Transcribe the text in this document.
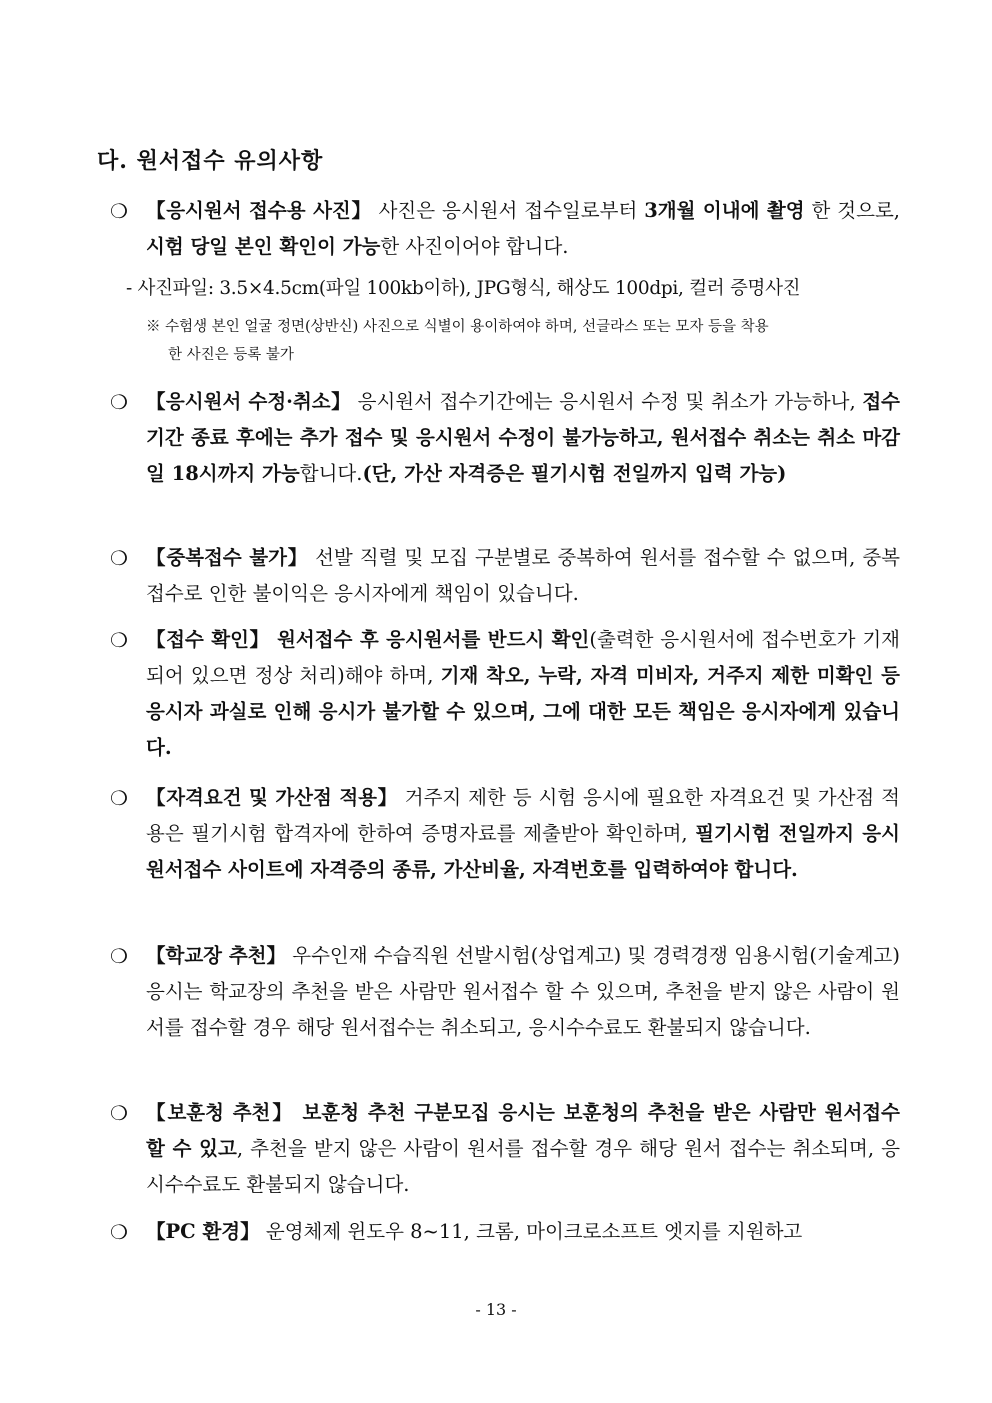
다. 원서접수 유의사항
❍ 【응시원서 접수용 사진】 사진은 응시원서 접수일로부터 3개월 이내에 촬영 한 것으로, 시험 당일 본인 확인이 가능한 사진이어야 합니다.
- 사진파일: 3.5×4.5cm(파일 100kb이하), JPG형식, 해상도 100dpi, 컬러 증명사진
※ 수험생 본인 얼굴 정면(상반신) 사진으로 식별이 용이하여야 하며, 선글라스 또는 모자 등을 착용
한 사진은 등록 불가
❍ 【응시원서 수정·취소】 응시원서 접수기간에는 응시원서 수정 및 취소가 가능하나, 접수기간 종료 후에는 추가 접수 및 응시원서 수정이 불가능하고, 원서접수 취소는 취소 마감일 18시까지 가능합니다.(단, 가산 자격증은 필기시험 전일까지 입력 가능)
❍ 【중복접수 불가】 선발 직렬 및 모집 구분별로 중복하여 원서를 접수할 수 없으며, 중복접수로 인한 불이익은 응시자에게 책임이 있습니다.
❍ 【접수 확인】 원서접수 후 응시원서를 반드시 확인(출력한 응시원서에 접수번호가 기재되어 있으면 정상 처리)해야 하며, 기재 착오, 누락, 자격 미비자, 거주지 제한 미확인 등 응시자 과실로 인해 응시가 불가할 수 있으며, 그에 대한 모든 책임은 응시자에게 있습니다.
❍ 【자격요건 및 가산점 적용】 거주지 제한 등 시험 응시에 필요한 자격요건 및 가산점 적용은 필기시험 합격자에 한하여 증명자료를 제출받아 확인하며, 필기시험 전일까지 응시원서접수 사이트에 자격증의 종류, 가산비율, 자격번호를 입력하여야 합니다.
❍ 【학교장 추천】 우수인재 수습직원 선발시험(상업계고) 및 경력경쟁 임용시험(기술계고) 응시는 학교장의 추천을 받은 사람만 원서접수 할 수 있으며, 추천을 받지 않은 사람이 원서를 접수할 경우 해당 원서접수는 취소되고, 응시수수료도 환불되지 않습니다.
❍ 【보훈청 추천】 보훈청 추천 구분모집 응시는 보훈청의 추천을 받은 사람만 원서접수 할 수 있고, 추천을 받지 않은 사람이 원서를 접수할 경우 해당 원서 접수는 취소되며, 응시수수료도 환불되지 않습니다.
❍ 【PC 환경】 운영체제 윈도우 8~11, 크롬, 마이크로소프트 엣지를 지원하고
- 13 -
